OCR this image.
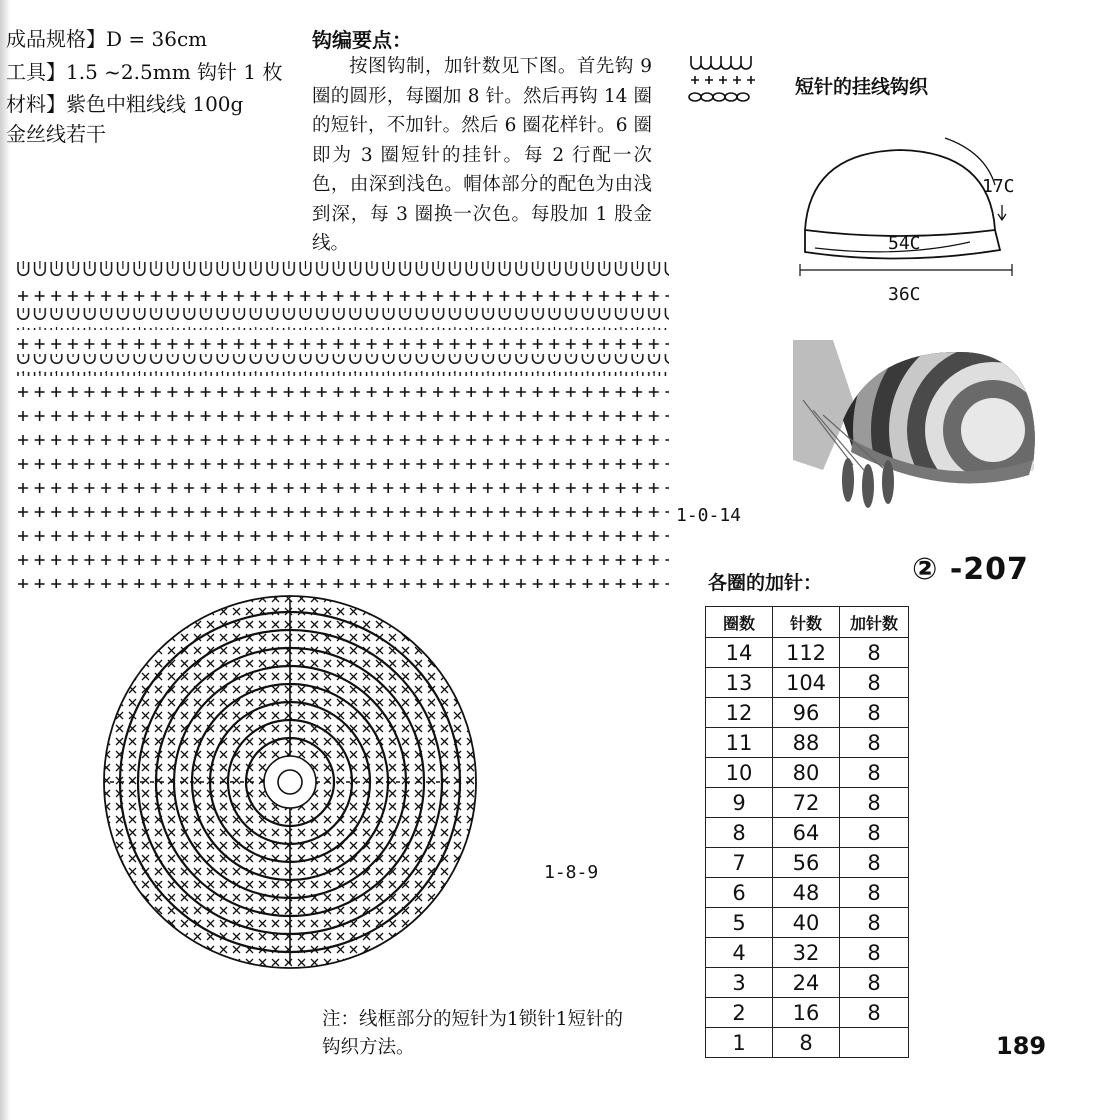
成品规格】D = 36cm
工具】1.5 ~2.5mm 钩针 1 枚
材料】紫色中粗线线 100g
金丝线若干
钩编要点：
按图钩制，加针数见下图。首先钩 9 圈的圆形，每圈加 8 针。然后再钩 14 圈的短针，不加针。然后 6 圈花样针。6 圈即为 3 圈短针的挂针。每 2 行配一次色，由深到浅色。帽体部分的配色为由浅到深，每 3 圈换一次色。每股加 1 股金线。
短针的挂线钩织
17C
54C
36C
1-0-14
1-8-9
② -207
各圈的加针：
圈数	针数	加针数
14	112	8
13	104	8
12	96	8
11	88	8
10	80	8
9	72	8
8	64	8
7	56	8
6	48	8
5	40	8
4	32	8
3	24	8
2	16	8
1	8	
注：线框部分的短针为1锁针1短针的钩织方法。	189
